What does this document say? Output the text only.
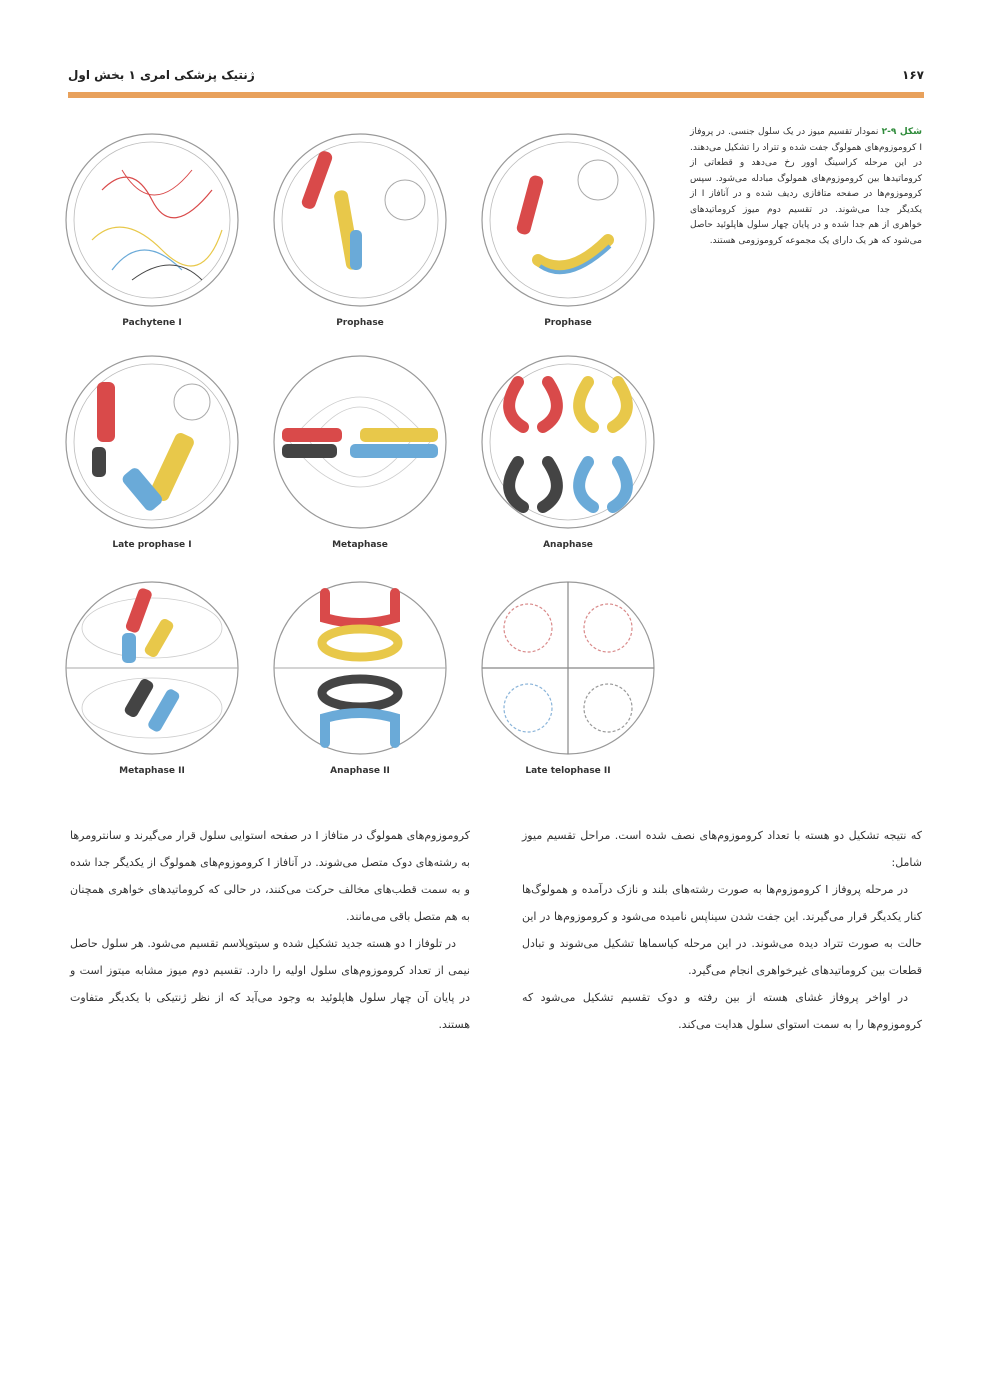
ژنتیک پزشکی امری ۱ بخش اول	۱۶۷
Pachytene I	Prophase	Prophase
Late prophase I	Metaphase	Anaphase
Metaphase II	Anaphase II	Late telophase II
شکل ۹-۲ نمودار تقسیم میوز در یک سلول جنسی. در پروفاز I کروموزوم‌های همولوگ جفت شده و تتراد را تشکیل می‌دهند. در این مرحله کراسینگ اوور رخ می‌دهد و قطعاتی از کروماتیدها بین کروموزوم‌های همولوگ مبادله می‌شود. سپس کروموزوم‌ها در صفحه متافازی ردیف شده و در آنافاز I از یکدیگر جدا می‌شوند. در تقسیم دوم میوز کروماتیدهای خواهری از هم جدا شده و در پایان چهار سلول هاپلوئید حاصل می‌شود که هر یک دارای یک مجموعه کروموزومی هستند.

که نتیجه تشکیل دو هسته با تعداد کروموزوم‌های نصف شده است. مراحل تقسیم میوز شامل:

در مرحله پروفاز I کروموزوم‌ها به صورت رشته‌های بلند و نازک درآمده و همولوگ‌ها کنار یکدیگر قرار می‌گیرند. این جفت شدن سیناپس نامیده می‌شود و کروموزوم‌ها در این حالت به صورت تتراد دیده می‌شوند. در این مرحله کیاسماها تشکیل می‌شوند و تبادل قطعات بین کروماتیدهای غیرخواهری انجام می‌گیرد.

در اواخر پروفاز غشای هسته از بین رفته و دوک تقسیم تشکیل می‌شود که کروموزوم‌ها را به سمت استوای سلول هدایت می‌کند.

کروموزوم‌های همولوگ در متافاز I در صفحه استوایی سلول قرار می‌گیرند و سانترومرها به رشته‌های دوک متصل می‌شوند. در آنافاز I کروموزوم‌های همولوگ از یکدیگر جدا شده و به سمت قطب‌های مخالف حرکت می‌کنند، در حالی که کروماتیدهای خواهری همچنان به هم متصل باقی می‌مانند.

در تلوفاز I دو هسته جدید تشکیل شده و سیتوپلاسم تقسیم می‌شود. هر سلول حاصل نیمی از تعداد کروموزوم‌های سلول اولیه را دارد. تقسیم دوم میوز مشابه میتوز است و در پایان آن چهار سلول هاپلوئید به وجود می‌آید که از نظر ژنتیکی با یکدیگر متفاوت هستند.
